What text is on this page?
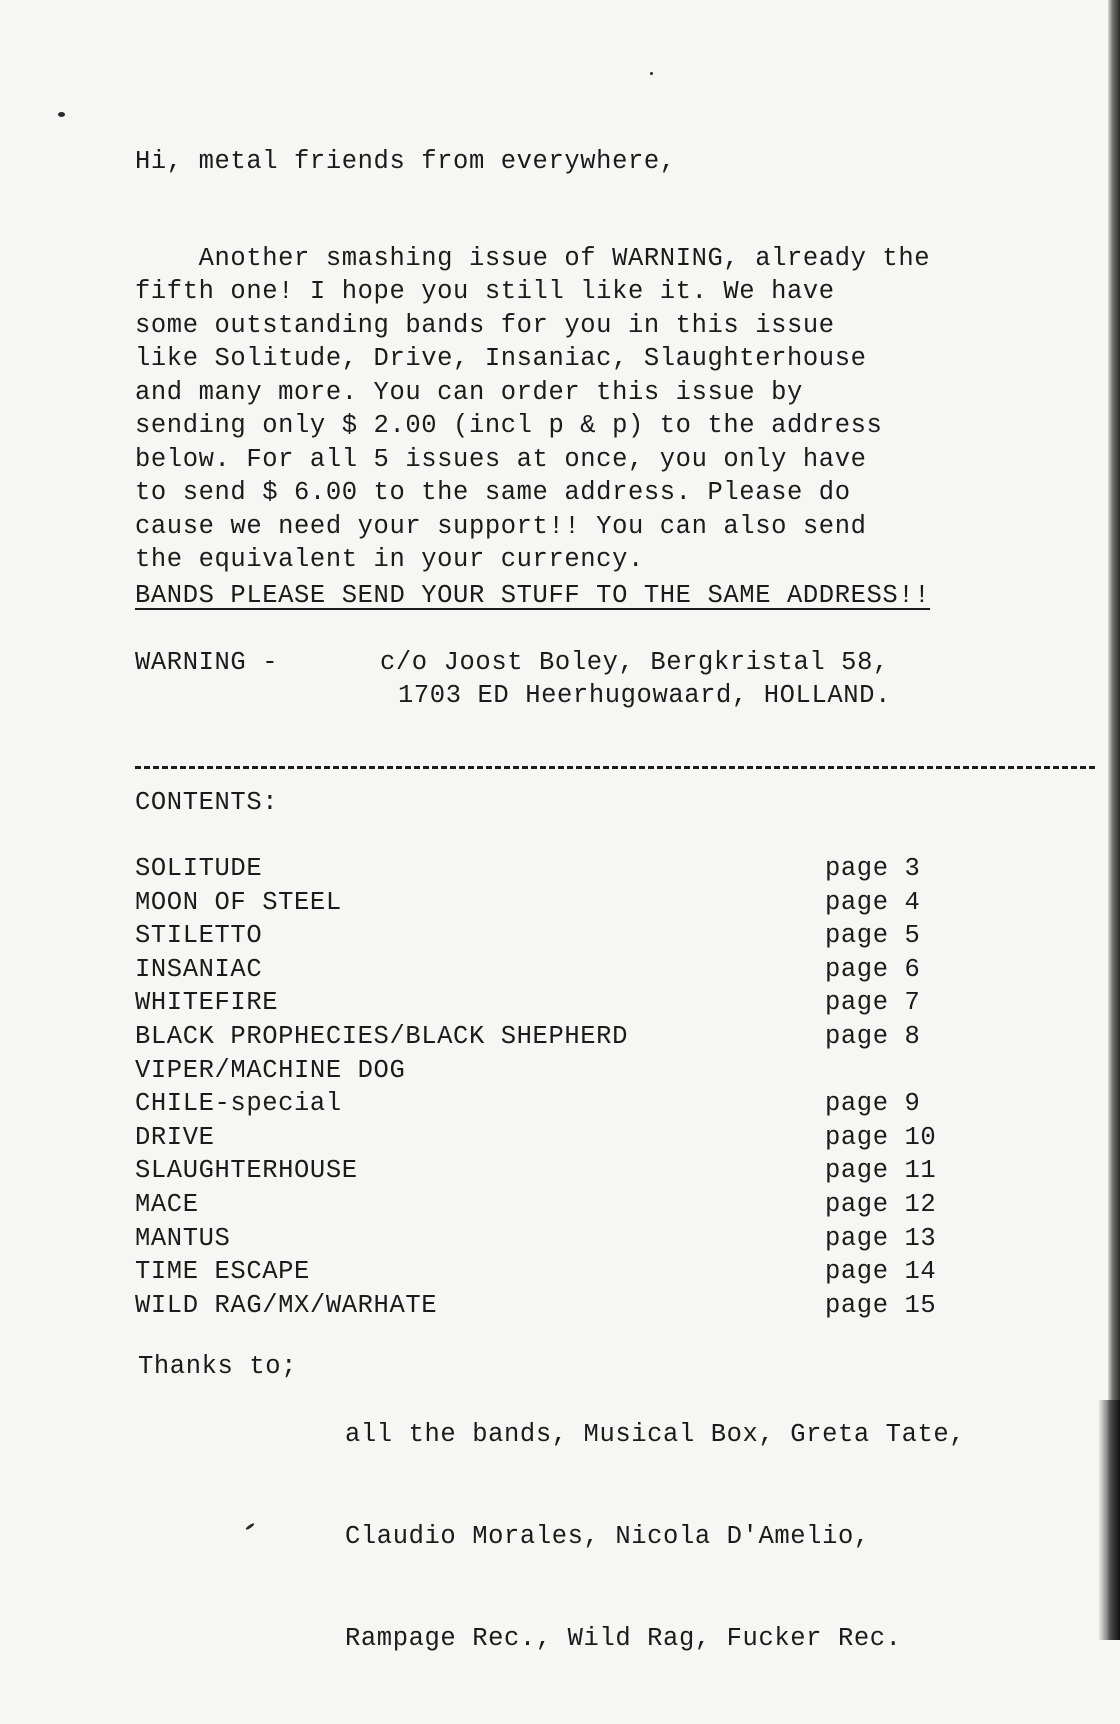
Hi, metal friends from everywhere,

Another smashing issue of WARNING, already the
fifth one! I hope you still like it. We have
some outstanding bands for you in this issue
like Solitude, Drive, Insaniac, Slaughterhouse
and many more. You can order this issue by
sending only $ 2.00 (incl p & p) to the address
below. For all 5 issues at once, you only have
to send $ 6.00 to the same address. Please do
cause we need your support!! You can also send
the equivalent in your currency.

BANDS PLEASE SEND YOUR STUFF TO THE SAME ADDRESS!!
WARNING -	c/o Joost Boley, Bergkristal 58,
1703 ED Heerhugowaard, HOLLAND.
CONTENTS:
SOLITUDE	page 3
MOON OF STEEL	page 4
STILETTO	page 5
INSANIAC	page 6
WHITEFIRE	page 7
BLACK PROPHECIES/BLACK SHEPHERD	page 8
VIPER/MACHINE DOG
CHILE-special	page 9
DRIVE	page 10
SLAUGHTERHOUSE	page 11
MACE	page 12
MANTUS	page 13
TIME ESCAPE	page 14
WILD RAG/MX/WARHATE	page 15
Thanks to;

all the bands, Musical Box, Greta Tate,

Claudio Morales, Nicola D'Amelio,

Rampage Rec., Wild Rag, Fucker Rec.
